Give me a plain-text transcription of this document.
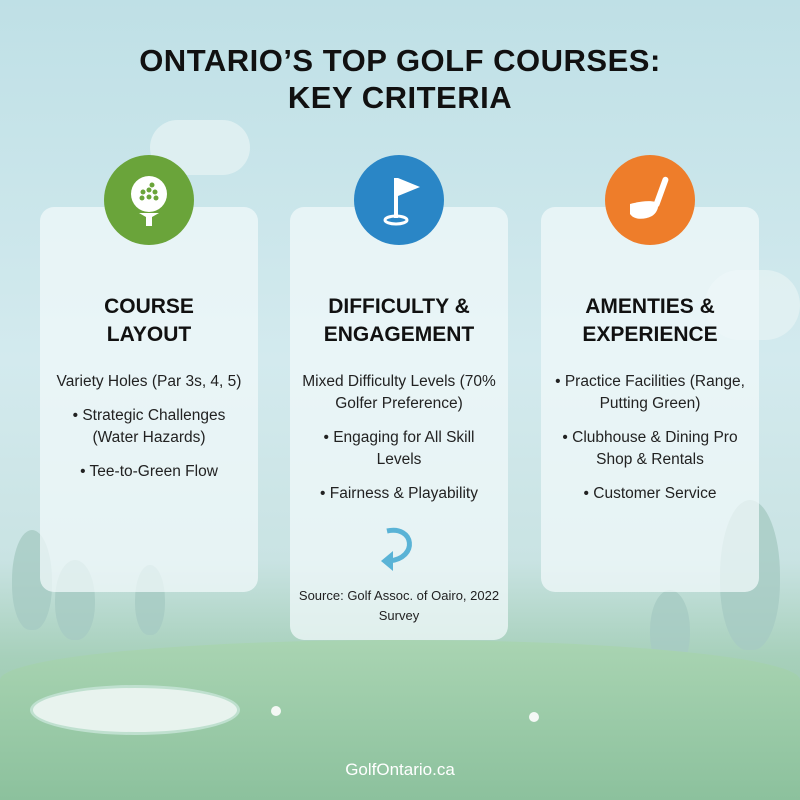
ONTARIO’S TOP GOLF COURSES:
KEY CRITERIA
COURSE
LAYOUT
Variety Holes (Par 3s, 4, 5)
• Strategic Challenges (Water Hazards)
• Tee-to-Green Flow
DIFFICULTY &
ENGAGEMENT
Mixed Difficulty Levels (70% Golfer Preference)
• Engaging for All Skill Levels
• Fairness & Playability
Source: Golf Assoc. of Oairo, 2022 Survey
AMENTIES &
EXPERIENCE
• Practice Facilities (Range, Putting Green)
• Clubhouse & Dining Pro Shop & Rentals
• Customer Service
GolfOntario.ca
